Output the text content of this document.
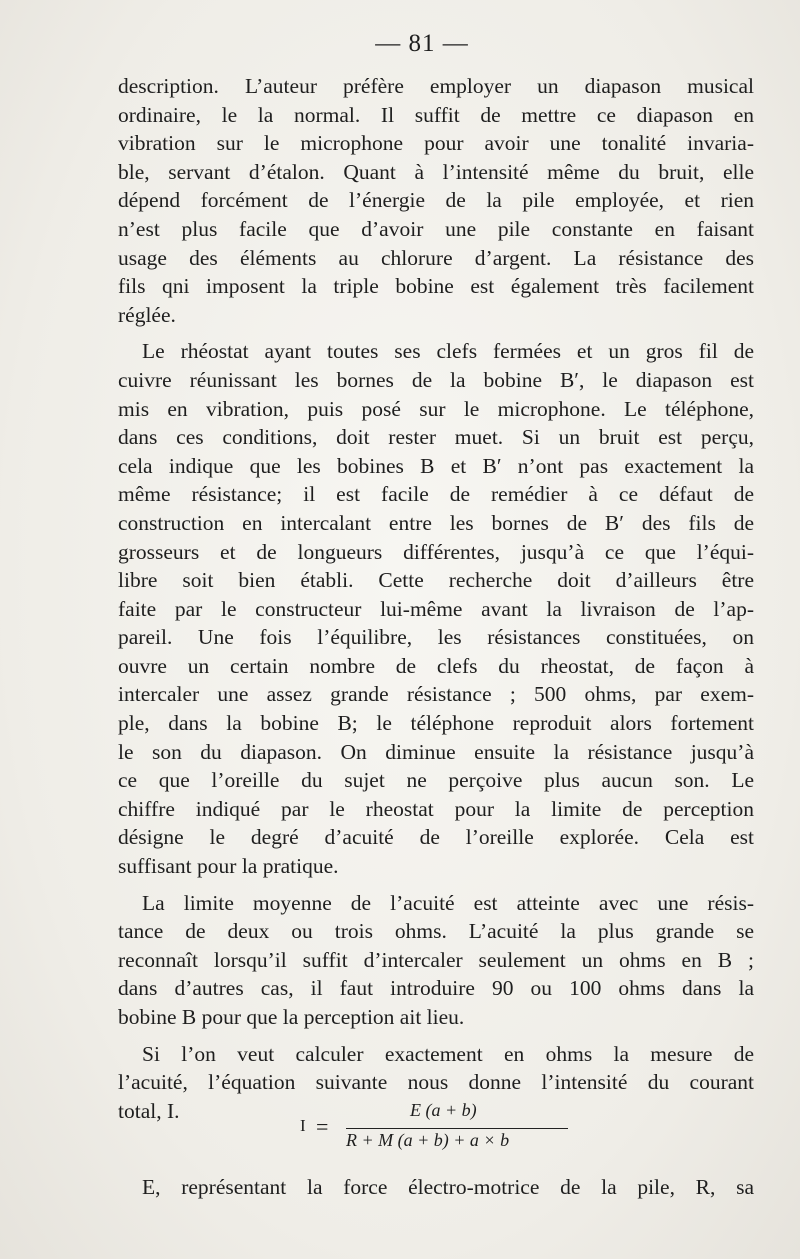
— 81 —
description. L’auteur préfère employer un diapason musical
ordinaire, le la normal. Il suffit de mettre ce diapason en
vibration sur le microphone pour avoir une tonalité invaria-
ble, servant d’étalon. Quant à l’intensité même du bruit, elle
dépend forcément de l’énergie de la pile employée, et rien
n’est plus facile que d’avoir une pile constante en faisant
usage des éléments au chlorure d’argent. La résistance des
fils qni imposent la triple bobine est également très facilement
réglée.
Le rhéostat ayant toutes ses clefs fermées et un gros fil de
cuivre réunissant les bornes de la bobine B′, le diapason est
mis en vibration, puis posé sur le microphone. Le téléphone,
dans ces conditions, doit rester muet. Si un bruit est perçu,
cela indique que les bobines B et B′ n’ont pas exactement la
même résistance; il est facile de remédier à ce défaut de
construction en intercalant entre les bornes de B′ des fils de
grosseurs et de longueurs différentes, jusqu’à ce que l’équi-
libre soit bien établi. Cette recherche doit d’ailleurs être
faite par le constructeur lui-même avant la livraison de l’ap-
pareil. Une fois l’équilibre, les résistances constituées, on
ouvre un certain nombre de clefs du rheostat, de façon à
intercaler une assez grande résistance ; 500 ohms, par exem-
ple, dans la bobine B; le téléphone reproduit alors fortement
le son du diapason. On diminue ensuite la résistance jusqu’à
ce que l’oreille du sujet ne perçoive plus aucun son. Le
chiffre indiqué par le rheostat pour la limite de perception
désigne le degré d’acuité de l’oreille explorée. Cela est
suffisant pour la pratique.
La limite moyenne de l’acuité est atteinte avec une résis-
tance de deux ou trois ohms. L’acuité la plus grande se
reconnaît lorsqu’il suffit d’intercaler seulement un ohms en B ;
dans d’autres cas, il faut introduire 90 ou 100 ohms dans la
bobine B pour que la perception ait lieu.
Si l’on veut calculer exactement en ohms la mesure de
l’acuité, l’équation suivante nous donne l’intensité du courant
total, I.
I =
E (a + b)
R + M (a + b) + a × b
E, représentant la force électro-motrice de la pile, R, sa
